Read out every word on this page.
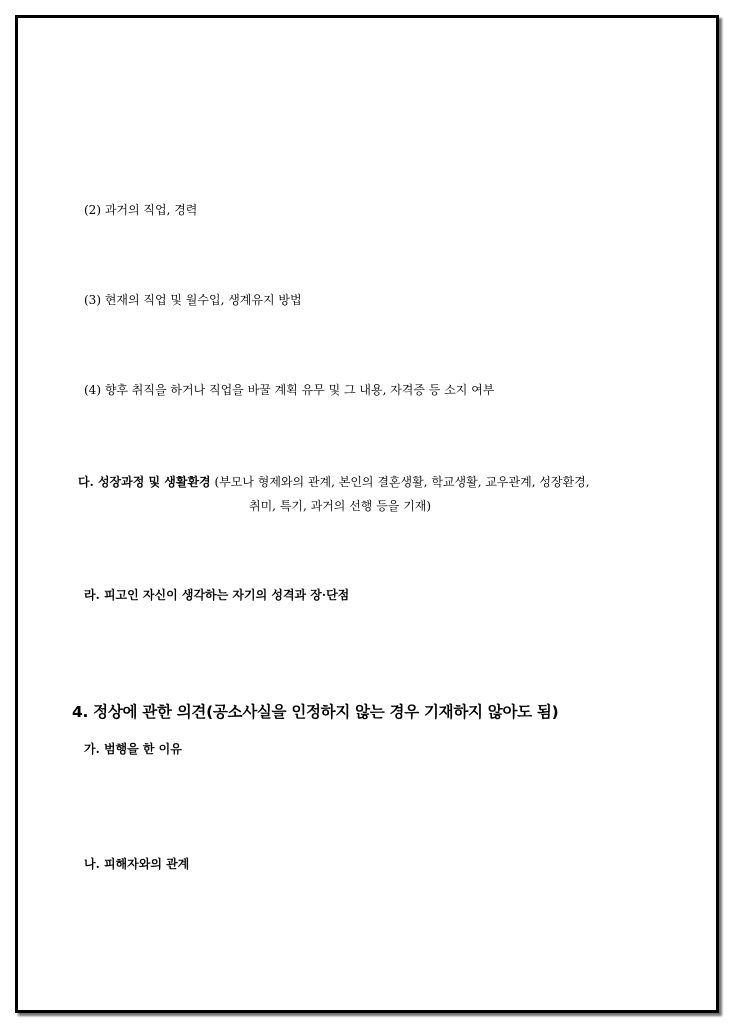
(2) 과거의 직업, 경력
(3) 현재의 직업 및 월수입, 생계유지 방법
(4) 향후 취직을 하거나 직업을 바꿀 계획 유무 및 그 내용, 자격증 등 소지 여부
다. 성장과정 및 생활환경 (부모나 형제와의 관계, 본인의 결혼생활, 학교생활, 교우관계, 성장환경,
취미, 특기, 과거의 선행 등을 기재)
라. 피고인 자신이 생각하는 자기의 성격과 장·단점
4. 정상에 관한 의견(공소사실을 인정하지 않는 경우 기재하지 않아도 됨)
가. 범행을 한 이유
나. 피해자와의 관계
